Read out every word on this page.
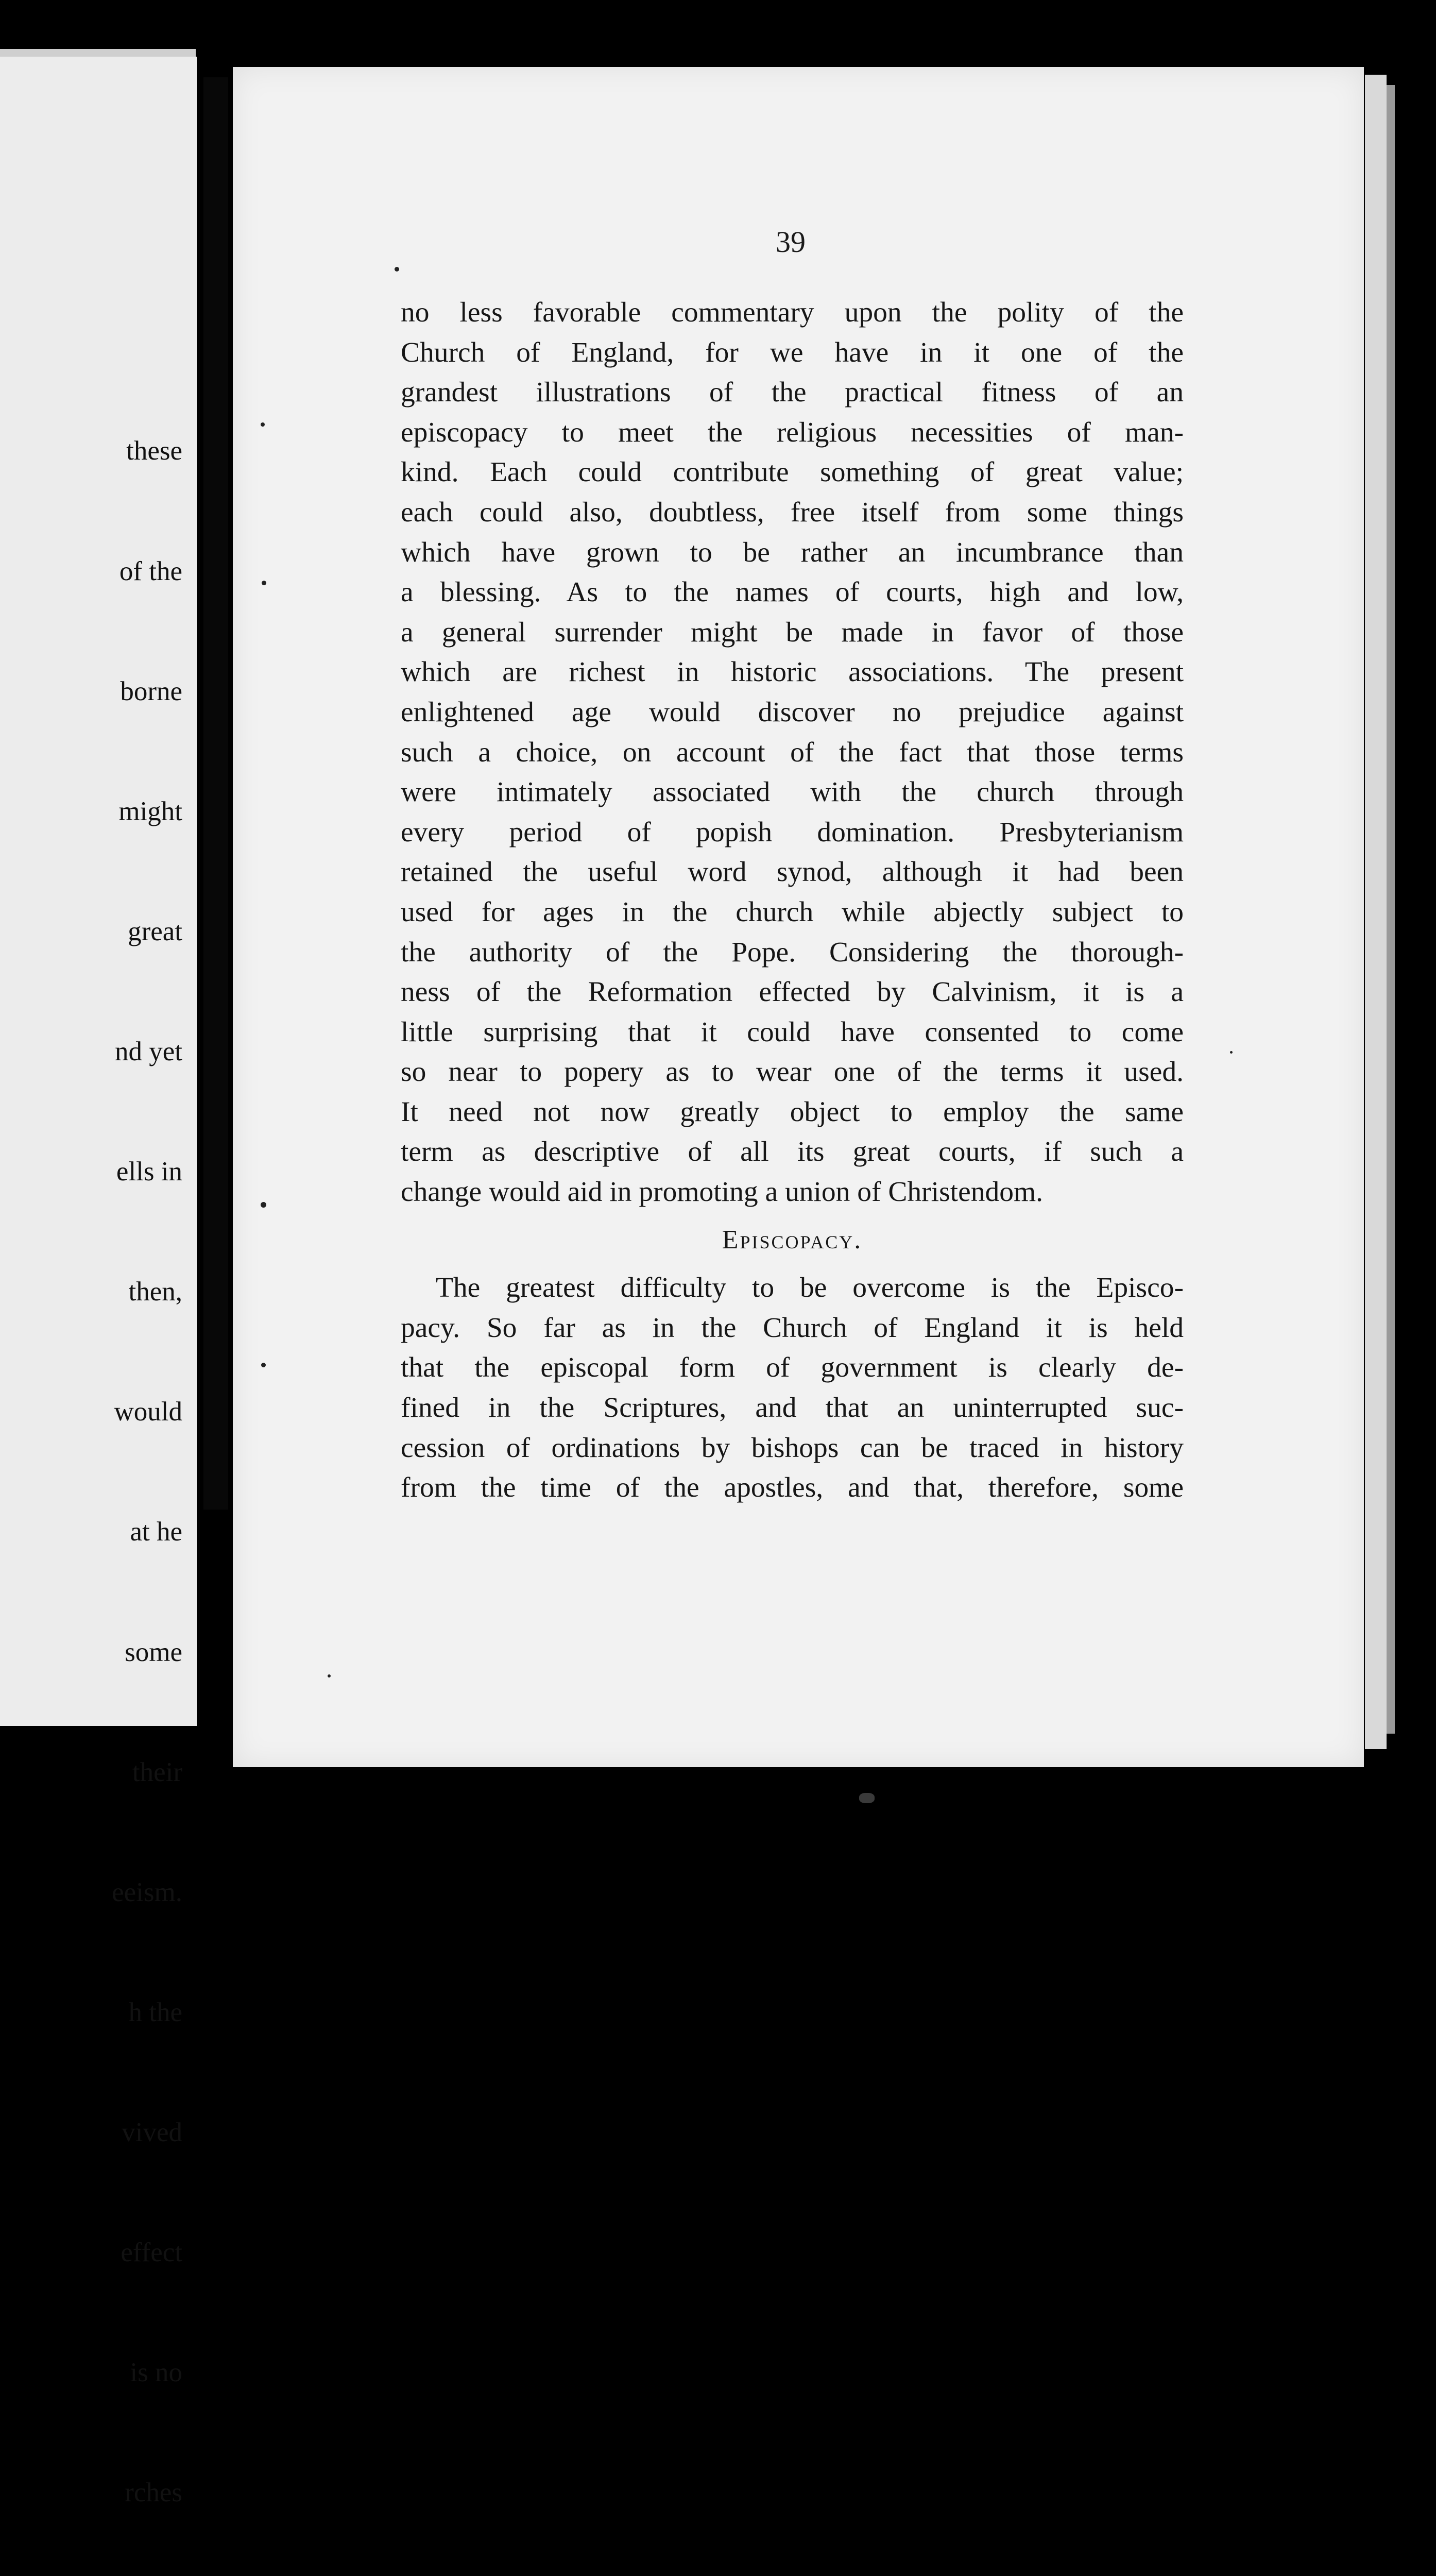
these

of the

borne

might

great

nd yet

ells in

then,

would

at he

some

their

eeism.

h the

vived

effect

is no

rches

39
no less favorable commentary upon the polity of the
Church of England, for we have in it one of the
grandest illustrations of the practical fitness of an
episcopacy to meet the religious necessities of man-
kind. Each could contribute something of great value;
each could also, doubtless, free itself from some things
which have grown to be rather an incumbrance than
a blessing. As to the names of courts, high and low,
a general surrender might be made in favor of those
which are richest in historic associations. The present
enlightened age would discover no prejudice against
such a choice, on account of the fact that those terms
were intimately associated with the church through
every period of popish domination. Presbyterianism
retained the useful word synod, although it had been
used for ages in the church while abjectly subject to
the authority of the Pope. Considering the thorough-
ness of the Reformation effected by Calvinism, it is a
little surprising that it could have consented to come
so near to popery as to wear one of the terms it used.
It need not now greatly object to employ the same
term as descriptive of all its great courts, if such a
change would aid in promoting a union of Christendom.
Episcopacy.
The greatest difficulty to be overcome is the Episco-
pacy. So far as in the Church of England it is held
that the episcopal form of government is clearly de-
fined in the Scriptures, and that an uninterrupted suc-
cession of ordinations by bishops can be traced in history
from the time of the apostles, and that, therefore, some
